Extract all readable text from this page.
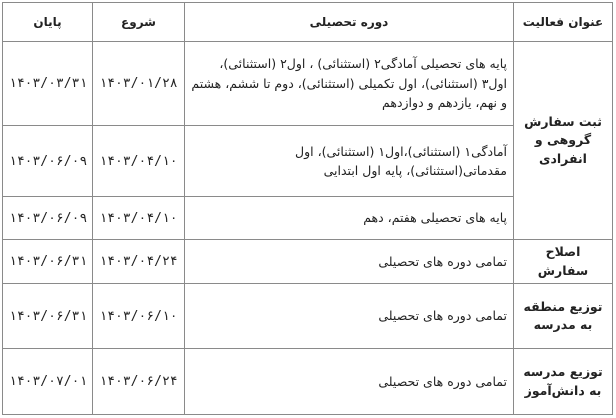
عنوان فعالیت	دوره تحصیلی	شروع	پایان
ثبت سفارش گروهی و انفرادی	پایه های تحصیلی آمادگی۲ (استثنائی) ، اول۲ (استثنائی)، اول۳ (استثنائی)، اول تکمیلی (استثنائی)، دوم تا ششم، هشتم و نهم، یازدهم و دوازدهم	۱۴۰۳/۰۱/۲۸	۱۴۰۳/۰۳/۳۱
	آمادگی۱ (استثنائی)،اول۱ (استثنائی)، اول مقدماتی(استثنائی)، پایه اول ابتدایی	۱۴۰۳/۰۴/۱۰	۱۴۰۳/۰۶/۰۹
	پایه های تحصیلی هفتم، دهم	۱۴۰۳/۰۴/۱۰	۱۴۰۳/۰۶/۰۹
اصلاح سفارش	تمامی دوره های تحصیلی	۱۴۰۳/۰۴/۲۴	۱۴۰۳/۰۶/۳۱
توزیع منطقه به مدرسه	تمامی دوره های تحصیلی	۱۴۰۳/۰۶/۱۰	۱۴۰۳/۰۶/۳۱
توزیع مدرسه به دانش‌آموز	تمامی دوره های تحصیلی	۱۴۰۳/۰۶/۲۴	۱۴۰۳/۰۷/۰۱
